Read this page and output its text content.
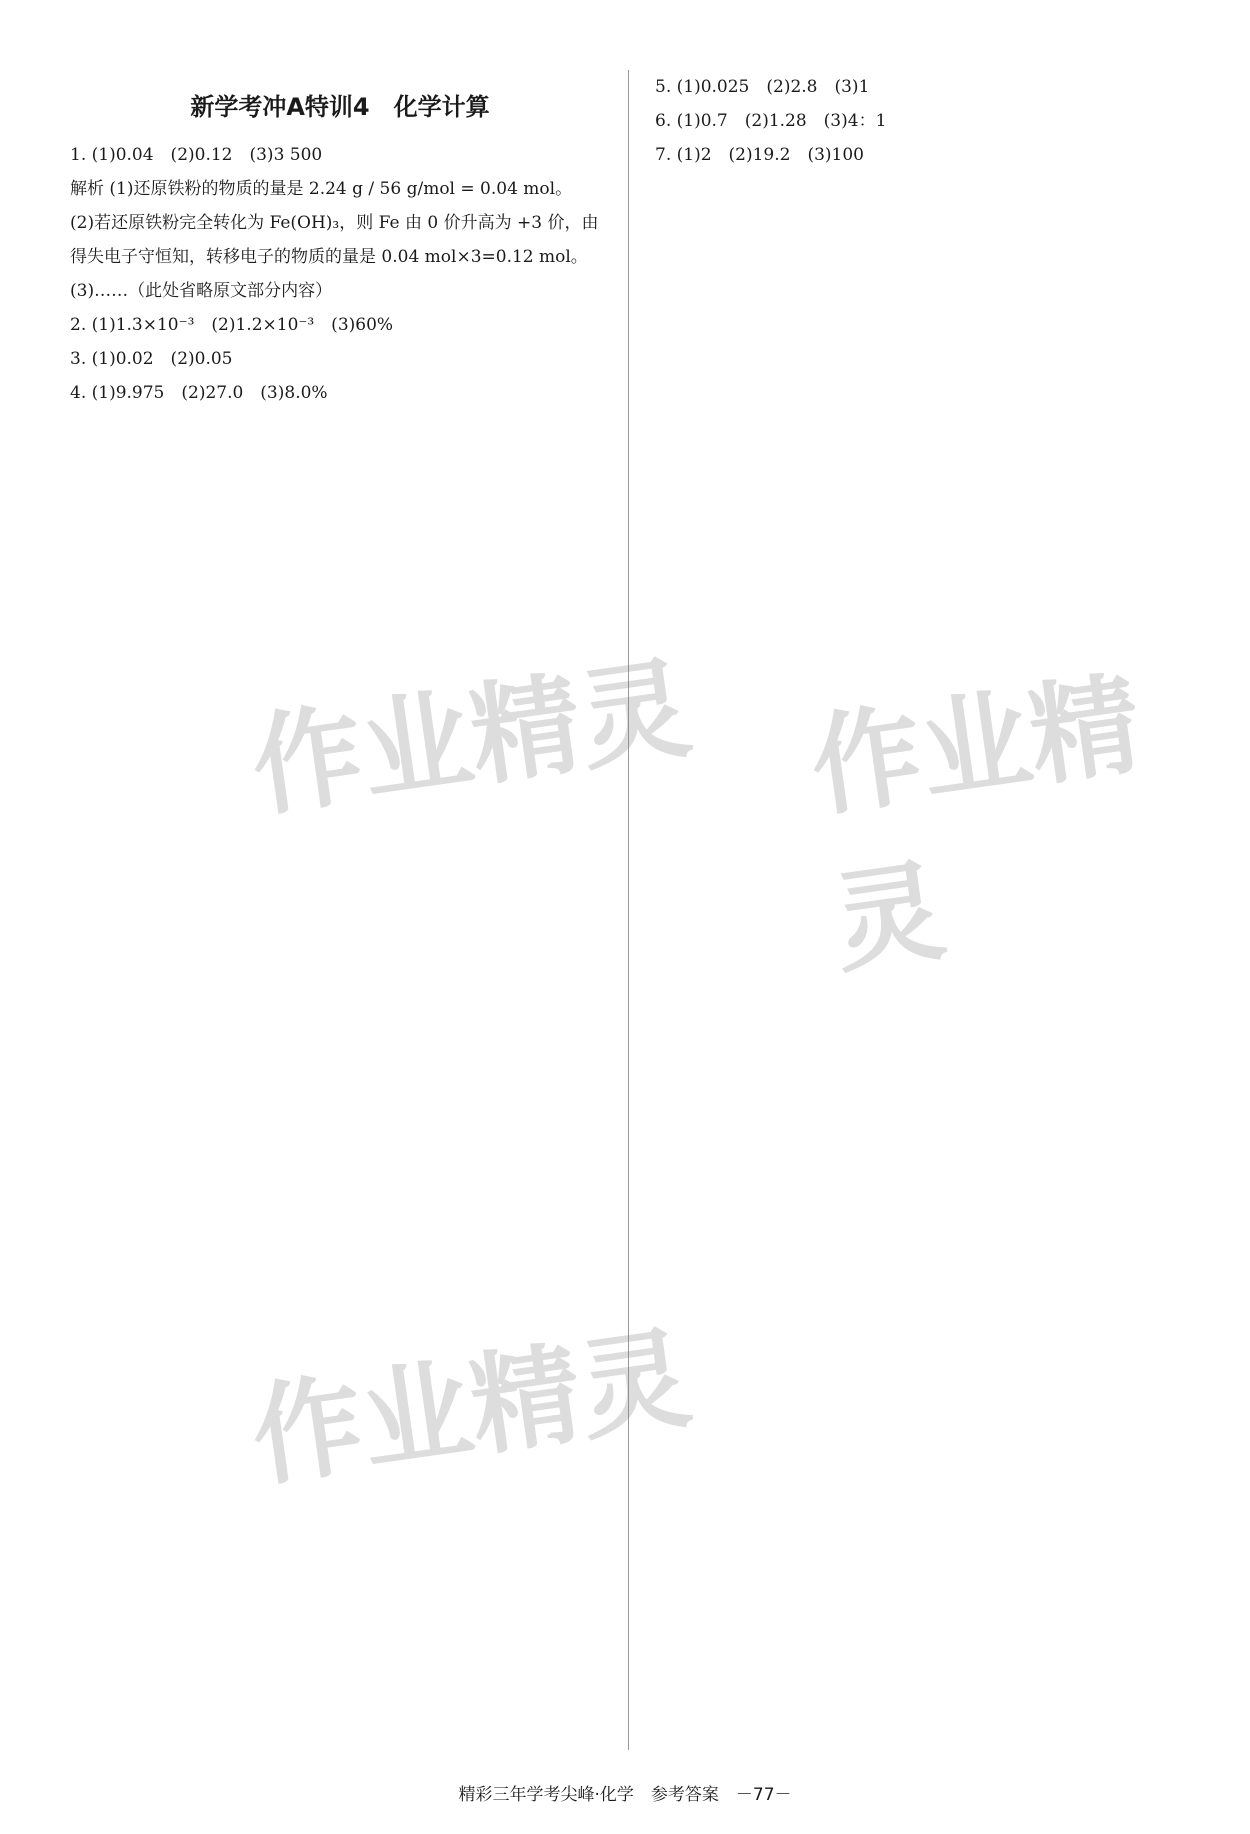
新学考冲A特训4　化学计算
1. (1)0.04　(2)0.12　(3)3 500
解析 (1)还原铁粉的物质的量是 2.24 g / 56 g/mol = 0.04 mol。
(2)若还原铁粉完全转化为 Fe(OH)₃，则 Fe 由 0 价升高为 +3 价，由得失电子守恒知，转移电子的物质的量是 0.04 mol×3=0.12 mol。
(3)……（此处省略原文部分内容）
2. (1)1.3×10⁻³　(2)1.2×10⁻³　(3)60%
3. (1)0.02　(2)0.05
4. (1)9.975　(2)27.0　(3)8.0%
5. (1)0.025　(2)2.8　(3)1
6. (1)0.7　(2)1.28　(3)4：1
7. (1)2　(2)19.2　(3)100
作业精灵 作业精灵
作业精灵
精彩三年学考尖峰·化学　参考答案　－77－
